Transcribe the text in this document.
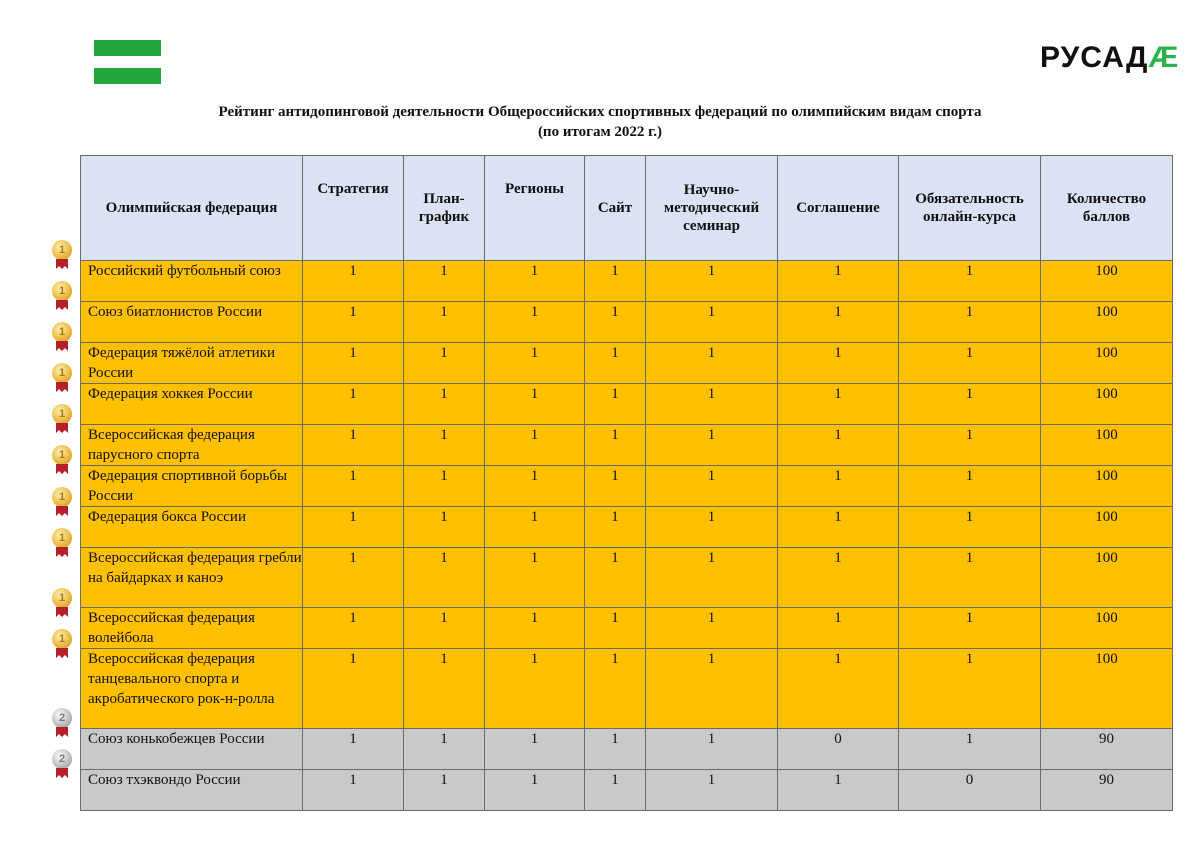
РУСАДÆ
Рейтинг антидопинговой деятельности Общероссийских спортивных федераций по олимпийским видам спорта
(по итогам 2022 г.)
1
1
1
1
1
1
1
1
1
1
2
2
Олимпийская федерация	Стратегия	План-график	Регионы	Сайт	Научно-методический семинар	Соглашение	Обязательность онлайн-курса	Количество баллов
Российский футбольный союз	1	1	1	1	1	1	1	100
Союз биатлонистов России	1	1	1	1	1	1	1	100
Федерация тяжёлой атлетики России	1	1	1	1	1	1	1	100
Федерация хоккея России	1	1	1	1	1	1	1	100
Всероссийская федерация парусного спорта	1	1	1	1	1	1	1	100
Федерация спортивной борьбы России	1	1	1	1	1	1	1	100
Федерация бокса России	1	1	1	1	1	1	1	100
Всероссийская федерация гребли на байдарках и каноэ	1	1	1	1	1	1	1	100
Всероссийская федерация волейбола	1	1	1	1	1	1	1	100
Всероссийская федерация танцевального спорта и акробатического рок-н-ролла	1	1	1	1	1	1	1	100
Союз конькобежцев России	1	1	1	1	1	0	1	90
Союз тхэквондо России	1	1	1	1	1	1	0	90
